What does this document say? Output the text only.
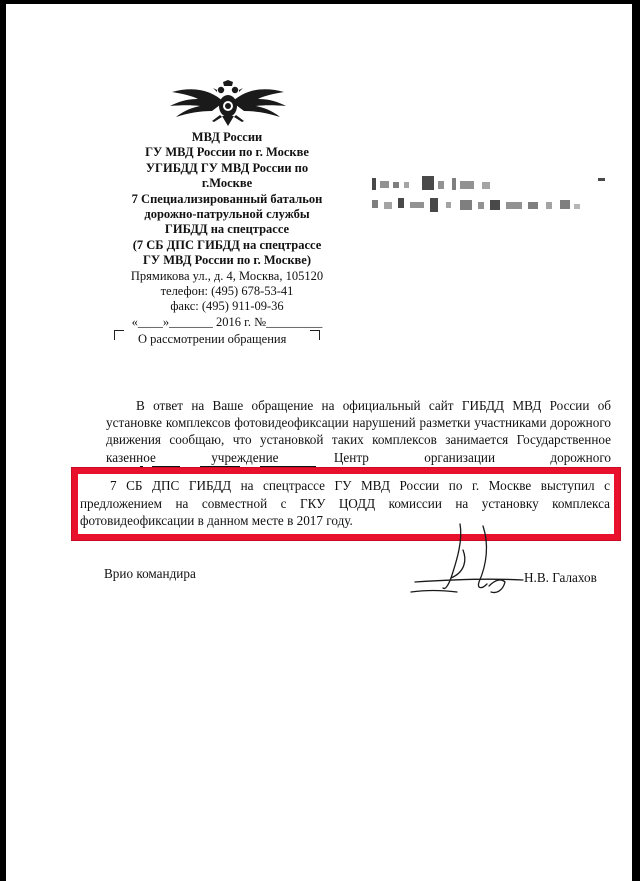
МВД России
ГУ МВД России по г. Москве
УГИБДД ГУ МВД России по
г.Москве
7 Специализированный батальон
дорожно-патрульной службы
ГИБДД на спецтрассе
(7 СБ ДПС ГИБДД на спецтрассе
ГУ МВД России по г. Москве)
Прямикова ул., д. 4, Москва, 105120
телефон: (495) 678-53-41
факс: (495) 911-09-36
«____»_______ 2016 г. №_________
О рассмотрении обращения

В ответ на Ваше обращение на официальный сайт ГИБДД МВД России об установке комплексов фотовидеофиксации нарушений разметки участниками дорожного движения сообщаю, что установкой таких комплексов занимается Государственное казенное учреждение Центр организации дорожного

7 СБ ДПС ГИБДД на спецтрассе ГУ МВД России по г. Москве выступил с предложением на совместной с ГКУ ЦОДД комиссии на установку комплекса фотовидеофиксации в данном месте в 2017 году.

Врио командира	Н.В. Галахов
